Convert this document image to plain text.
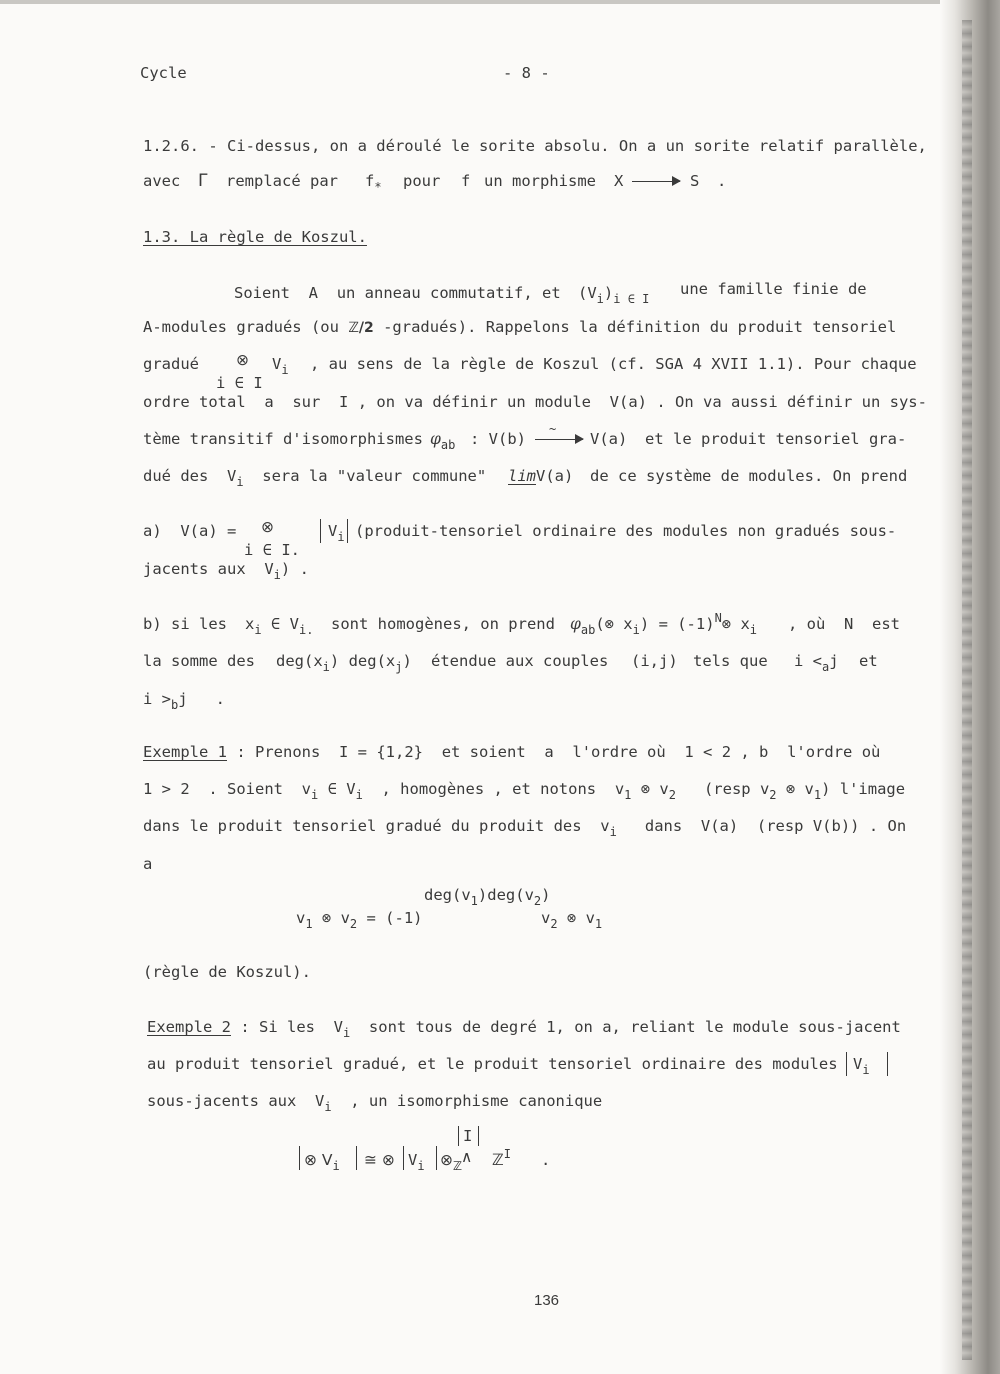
Cycle	- 8 -
1.2.6. - Ci-dessus, on a déroulé le sorite absolu. On a un sorite relatif parallèle,
avec Γ remplacé par $f_*$ pour f un morphisme X	S .
1.3. La règle de Koszul.
Soient A un anneau commutatif, et $(V_i)_{i \in I}$
une famille finie de
A-modules gradués (ou ℤ/2 -gradués). Rappelons la définition du produit tensoriel
gradué ⊗ $V_i$ , au sens de la règle de Koszul (cf. SGA 4 XVII 1.1). Pour chaque
i ∈ I
ordre total a sur I , on va définir un module V(a) . On va aussi définir un sys-
tème transitif d'isomorphismes $\varphi_{ab}$ : V(b)
~
V(a) et le produit tensoriel gra-
dué des $V_i$ sera la "valeur commune" limV(a) de ce système de modules. On prend
a) V(a) = ⊗	$V_i$ (produit-tensoriel ordinaire des modules non gradués sous-
i ∈ I.
jacents aux $V_i$) .
b) si les $x_i$ ∈ $V_{i.}$ sont homogènes, on prend $\varphi_{ab}(\otimes$ $x_i$) = $(-1)^N\otimes$ $x_i$ , où N est
la somme des $deg(x_i)$ $deg(x_j)$ étendue aux couples (i,j) tels que $i <_aj$ et
$i >_bj$ .
Exemple 1 : Prenons I = {1,2} et soient a l'ordre où 1 < 2 , b l'ordre où
1 > 2 . Soient $v_i$ ∈ $V_i$ , homogènes , et notons $v_1$ ⊗ $v_2$ (resp $v_2$ ⊗ $v_1$) l'image
dans le produit tensoriel gradué du produit des $v_i$ dans V(a) (resp V(b)) . On
a
$deg(v_1)deg(v_2)$
$v_1$ ⊗ $v_2 = (-1)$	$v_2$ ⊗ $v_1$
(règle de Koszul).
Exemple 2 : Si les $V_i$ sont tous de degré 1, on a, reliant le module sous-jacent
au produit tensoriel gradué, et le produit tensoriel ordinaire des modules $V_i$
sous-jacents aux $V_i$ , un isomorphisme canonique
⊗ $V_i$ ≅ ⊗ $V_i$ $\otimes_ℤ$
I
∧ ℤ$^I$ .
136
